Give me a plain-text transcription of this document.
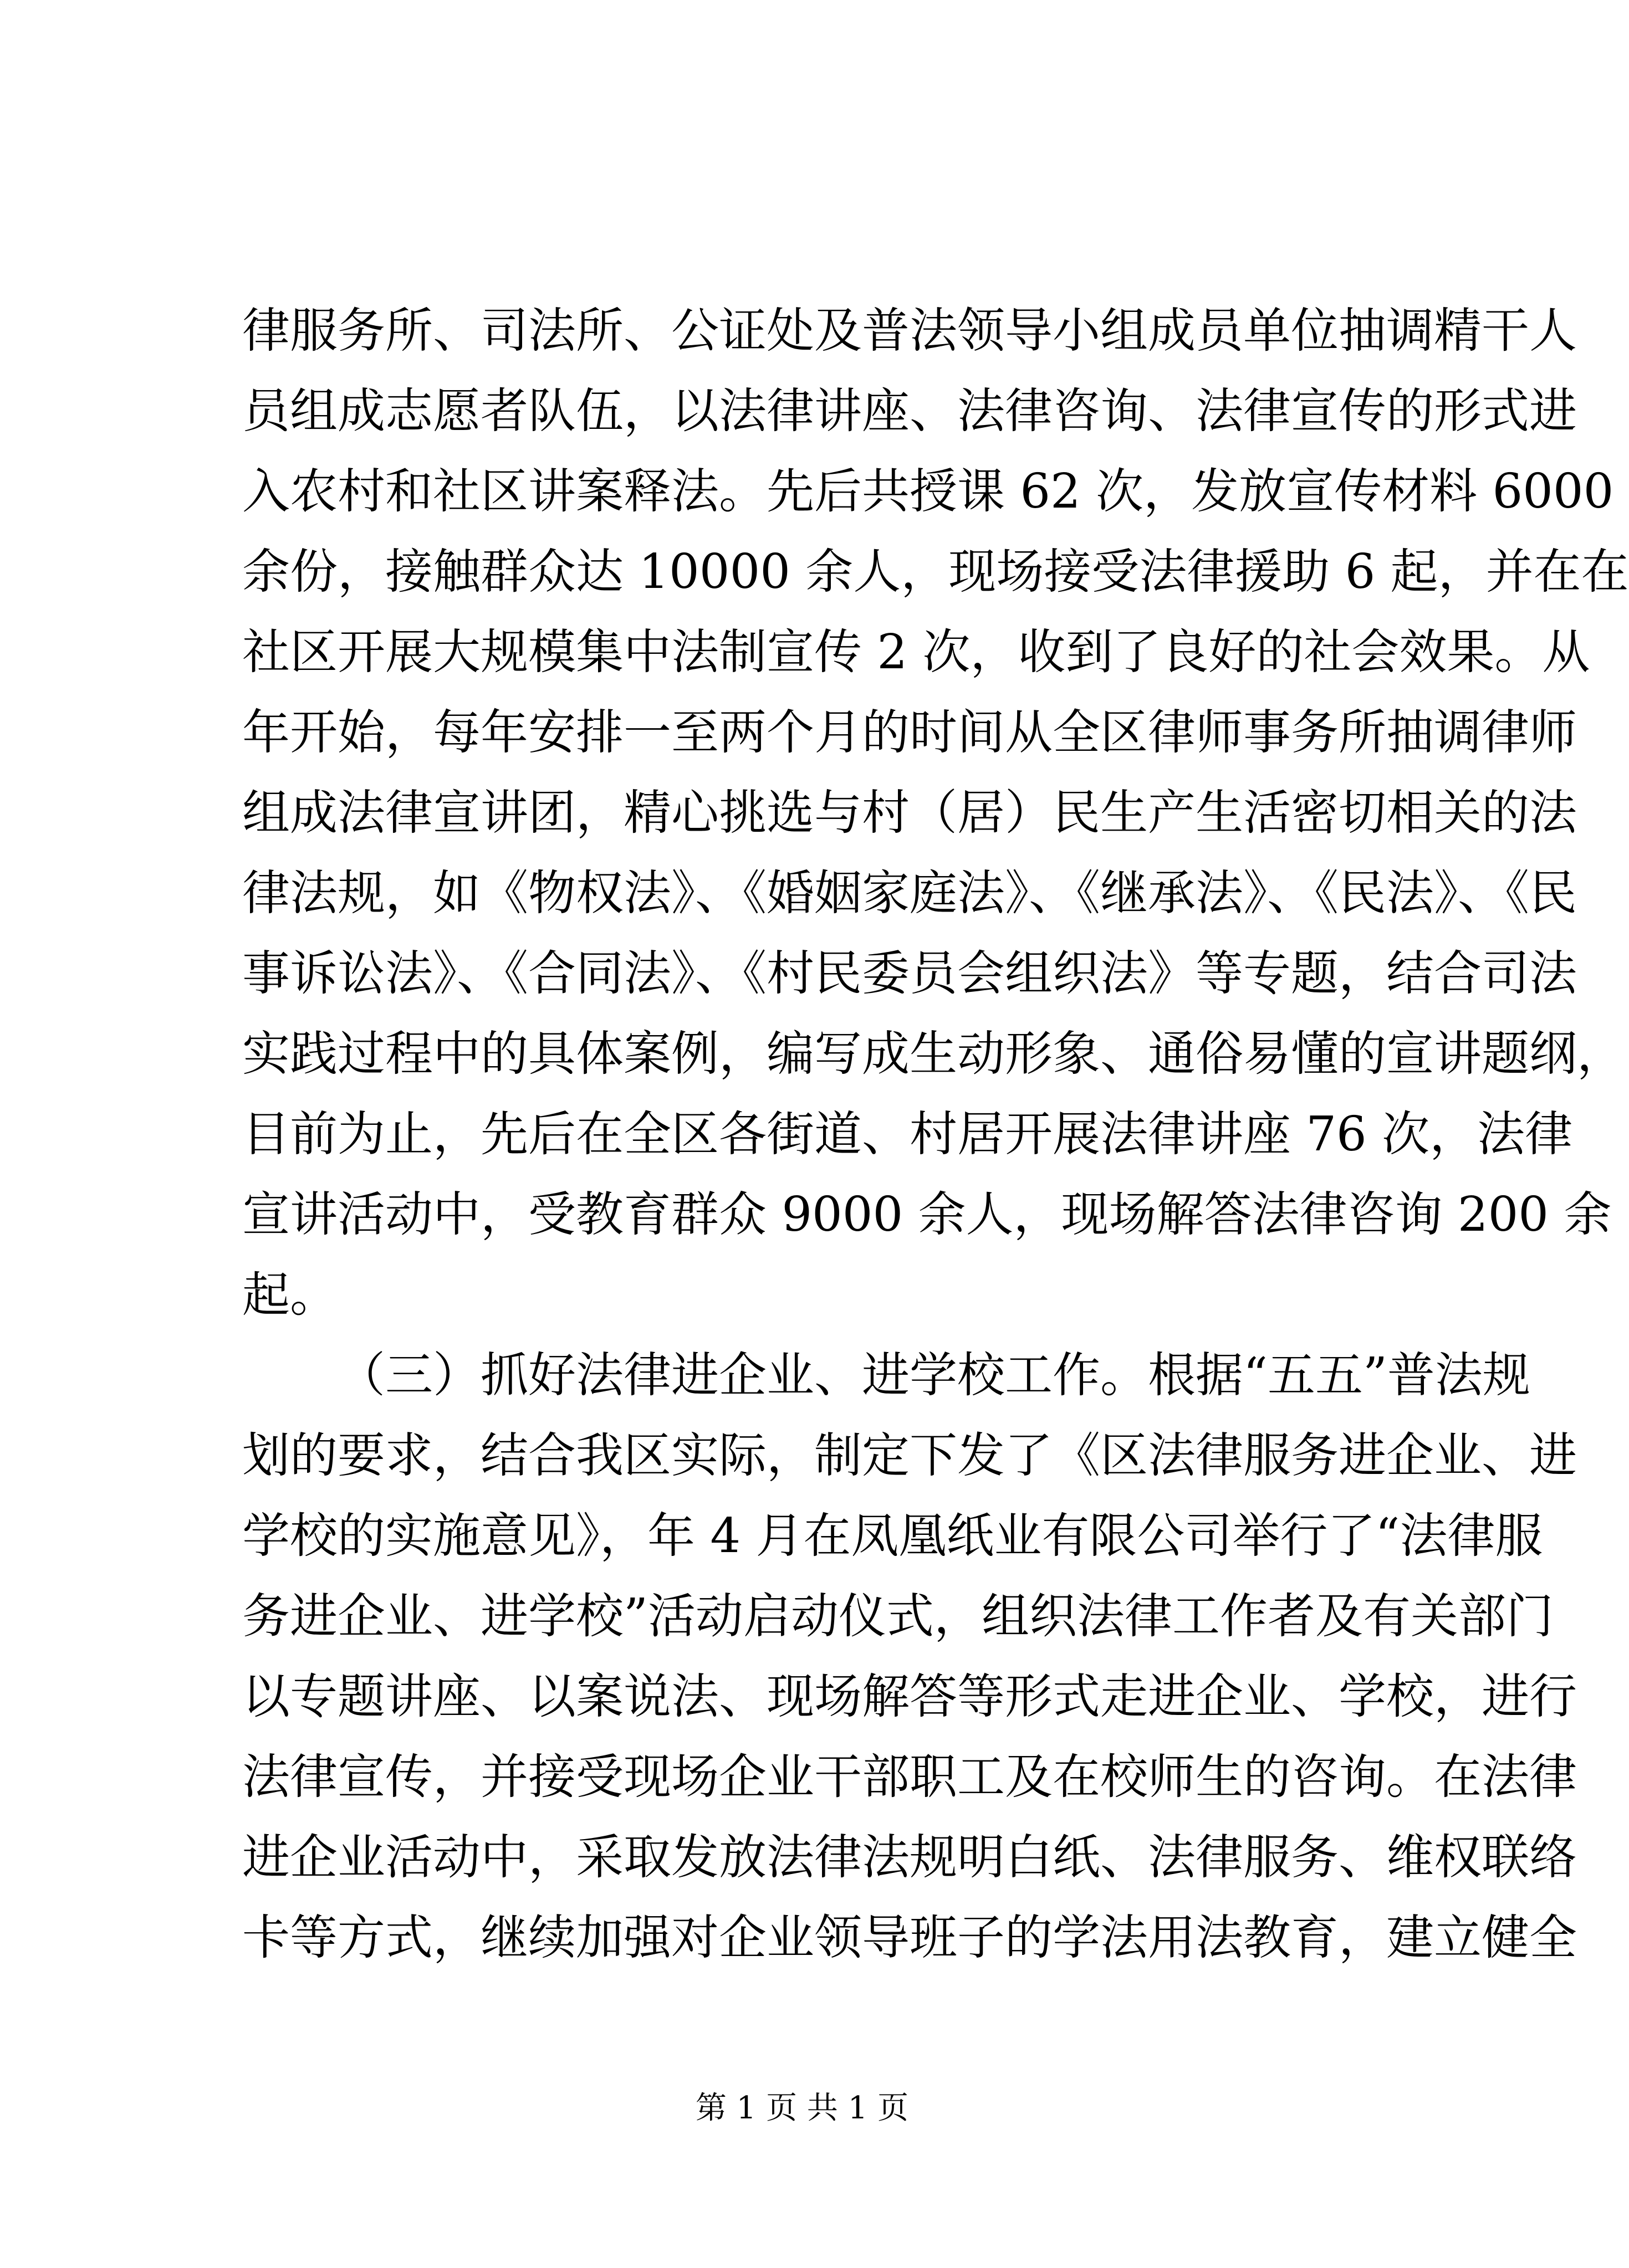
律服务所、司法所、公证处及普法领导小组成员单位抽调精干人
员组成志愿者队伍，以法律讲座、法律咨询、法律宣传的形式进
入农村和社区讲案释法。先后共授课 62 次，发放宣传材料 6000
余份，接触群众达 10000 余人，现场接受法律援助 6 起，并在在
社区开展大规模集中法制宣传 2 次，收到了良好的社会效果。从
年开始，每年安排一至两个月的时间从全区律师事务所抽调律师
组成法律宣讲团，精心挑选与村（居）民生产生活密切相关的法
律法规，如《物权法》、《婚姻家庭法》、《继承法》、《民法》、《民
事诉讼法》、《合同法》、《村民委员会组织法》等专题，结合司法
实践过程中的具体案例，编写成生动形象、通俗易懂的宣讲题纲，
目前为止，先后在全区各街道、村居开展法律讲座 76 次，法律
宣讲活动中，受教育群众 9000 余人，现场解答法律咨询 200 余
起。
（三）抓好法律进企业、进学校工作。根据“五五”普法规
划的要求，结合我区实际，制定下发了《区法律服务进企业、进
学校的实施意见》，年 4 月在凤凰纸业有限公司举行了“法律服
务进企业、进学校”活动启动仪式，组织法律工作者及有关部门
以专题讲座、以案说法、现场解答等形式走进企业、学校，进行
法律宣传，并接受现场企业干部职工及在校师生的咨询。在法律
进企业活动中，采取发放法律法规明白纸、法律服务、维权联络
卡等方式，继续加强对企业领导班子的学法用法教育，建立健全
第 1 页 共 1 页
